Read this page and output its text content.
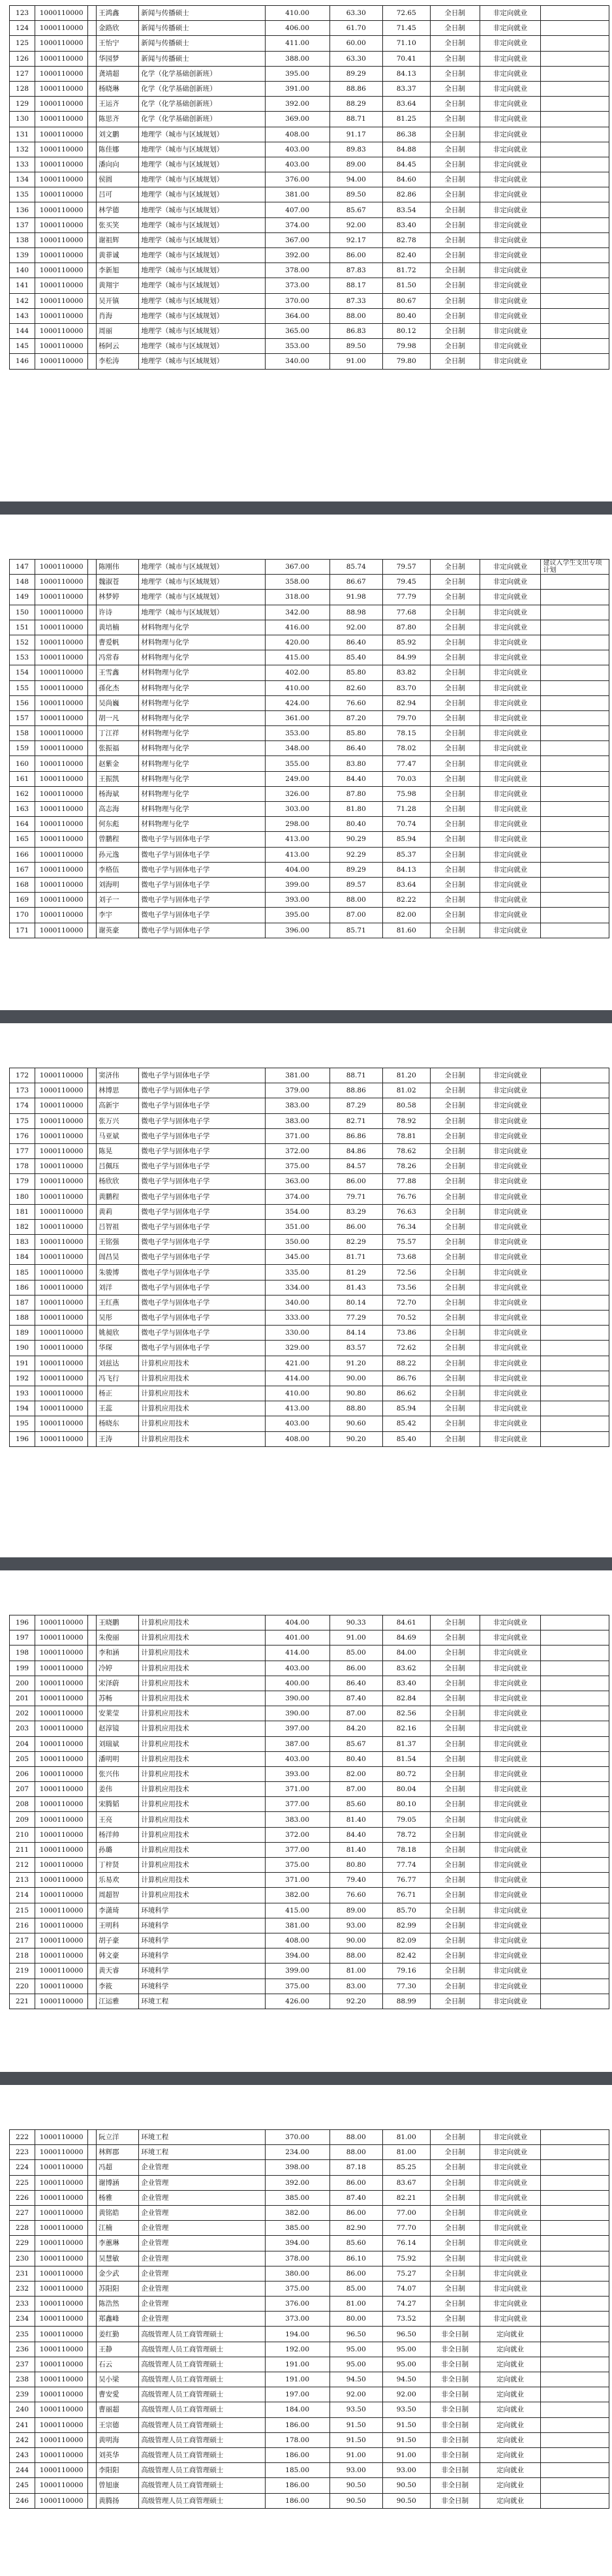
123	1000110000		王鸿鑫	新闻与传播硕士	410.00	63.30	72.65	全日制	非定向就业	
124	1000110000		金路欣	新闻与传播硕士	406.00	61.70	71.45	全日制	非定向就业	
125	1000110000		王怡宁	新闻与传播硕士	411.00	60.00	71.10	全日制	非定向就业	
126	1000110000		华园梦	新闻与传播硕士	388.00	63.30	70.41	全日制	非定向就业	
127	1000110000		龚靖超	化学（化学基础创新班）	395.00	89.29	84.13	全日制	非定向就业	
128	1000110000		杨晓琳	化学（化学基础创新班）	391.00	88.86	83.37	全日制	非定向就业	
129	1000110000		王运齐	化学（化学基础创新班）	392.00	88.29	83.64	全日制	非定向就业	
130	1000110000		陈思齐	化学（化学基础创新班）	369.00	88.71	81.25	全日制	非定向就业	
131	1000110000		刘文鹏	地理学（城市与区域规划）	408.00	91.17	86.38	全日制	非定向就业	
132	1000110000		陈佳娜	地理学（城市与区域规划）	403.00	89.83	84.88	全日制	非定向就业	
133	1000110000		潘向向	地理学（城市与区域规划）	403.00	89.00	84.45	全日制	非定向就业	
134	1000110000		侯圆	地理学（城市与区域规划）	376.00	94.00	84.60	全日制	非定向就业	
135	1000110000		吕可	地理学（城市与区域规划）	381.00	89.50	82.86	全日制	非定向就业	
136	1000110000		林学德	地理学（城市与区域规划）	407.00	85.67	83.54	全日制	非定向就业	
137	1000110000		张买笑	地理学（城市与区域规划）	374.00	92.00	83.40	全日制	非定向就业	
138	1000110000		谢祖辉	地理学（城市与区域规划）	367.00	92.17	82.78	全日制	非定向就业	
139	1000110000		黄菲诚	地理学（城市与区域规划）	392.00	86.00	82.40	全日制	非定向就业	
140	1000110000		李新旭	地理学（城市与区域规划）	378.00	87.83	81.72	全日制	非定向就业	
141	1000110000		黄翔宇	地理学（城市与区域规划）	373.00	88.17	81.50	全日制	非定向就业	
142	1000110000		吴开镇	地理学（城市与区域规划）	370.00	87.33	80.67	全日制	非定向就业	
143	1000110000		肖海	地理学（城市与区域规划）	364.00	88.00	80.40	全日制	非定向就业	
144	1000110000		周丽	地理学（城市与区域规划）	365.00	86.83	80.12	全日制	非定向就业	
145	1000110000		杨阿云	地理学（城市与区域规划）	353.00	89.50	79.98	全日制	非定向就业	
146	1000110000		李松涛	地理学（城市与区域规划）	340.00	91.00	79.80	全日制	非定向就业	
147	1000110000		陈刚伟	地理学（城市与区域规划）	367.00	85.74	79.57	全日制	非定向就业	建议入学生支出专项计划
148	1000110000		魏淑苍	地理学（城市与区域规划）	358.00	86.67	79.45	全日制	非定向就业	
149	1000110000		林梦婷	地理学（城市与区域规划）	318.00	91.98	77.79	全日制	非定向就业	
150	1000110000		许诗	地理学（城市与区域规划）	342.00	88.98	77.68	全日制	非定向就业	
151	1000110000		黄培楠	材料物理与化学	416.00	92.00	87.80	全日制	非定向就业	
152	1000110000		曹爱帆	材料物理与化学	420.00	86.40	85.92	全日制	非定向就业	
153	1000110000		冯常春	材料物理与化学	415.00	85.40	84.99	全日制	非定向就业	
154	1000110000		王雪鑫	材料物理与化学	402.00	85.80	83.82	全日制	非定向就业	
155	1000110000		孫化杰	材料物理与化学	410.00	82.60	83.70	全日制	非定向就业	
156	1000110000		吴尚巍	材料物理与化学	424.00	76.60	82.94	全日制	非定向就业	
157	1000110000		胡一凡	材料物理与化学	361.00	87.20	79.70	全日制	非定向就业	
158	1000110000		丁江祥	材料物理与化学	353.00	85.80	78.15	全日制	非定向就业	
159	1000110000		张振福	材料物理与化学	348.00	86.40	78.02	全日制	非定向就业	
160	1000110000		赵紫金	材料物理与化学	355.00	83.80	77.47	全日制	非定向就业	
161	1000110000		王振凯	材料物理与化学	249.00	84.40	70.03	全日制	非定向就业	
162	1000110000		杨海斌	材料物理与化学	326.00	87.80	75.98	全日制	非定向就业	
163	1000110000		高志海	材料物理与化学	303.00	81.80	71.28	全日制	非定向就业	
164	1000110000		何东彪	材料物理与化学	298.00	80.40	70.74	全日制	非定向就业	
165	1000110000		曾鹏程	微电子学与固体电子学	413.00	90.29	85.94	全日制	非定向就业	
166	1000110000		孙元逸	微电子学与固体电子学	413.00	92.29	85.37	全日制	非定向就业	
167	1000110000		李格伍	微电子学与固体电子学	404.00	89.29	84.13	全日制	非定向就业	
168	1000110000		刘海明	微电子学与固体电子学	399.00	89.57	83.64	全日制	非定向就业	
169	1000110000		刘子一	微电子学与固体电子学	393.00	88.00	82.22	全日制	非定向就业	
170	1000110000		李宇	微电子学与固体电子学	395.00	87.00	82.00	全日制	非定向就业	
171	1000110000		谢英豪	微电子学与固体电子学	396.00	85.71	81.60	全日制	非定向就业	
172	1000110000		窦济伟	微电子学与固体电子学	381.00	88.71	81.20	全日制	非定向就业	
173	1000110000		林博思	微电子学与固体电子学	379.00	88.86	81.02	全日制	非定向就业	
174	1000110000		高新宇	微电子学与固体电子学	383.00	87.29	80.58	全日制	非定向就业	
175	1000110000		张万兴	微电子学与固体电子学	383.00	82.71	78.92	全日制	非定向就业	
176	1000110000		马亚斌	微电子学与固体电子学	371.00	86.86	78.81	全日制	非定向就业	
177	1000110000		陈晃	微电子学与固体电子学	372.00	84.86	78.62	全日制	非定向就业	
178	1000110000		吕佩珏	微电子学与固体电子学	375.00	84.57	78.26	全日制	非定向就业	
179	1000110000		杨欣欣	微电子学与固体电子学	363.00	86.00	77.88	全日制	非定向就业	
180	1000110000		黄鹏程	微电子学与固体电子学	374.00	79.71	76.76	全日制	非定向就业	
181	1000110000		黄莉	微电子学与固体电子学	354.00	83.29	76.63	全日制	非定向就业	
182	1000110000		吕智祖	微电子学与固体电子学	351.00	86.00	76.34	全日制	非定向就业	
183	1000110000		王铭强	微电子学与固体电子学	350.00	82.29	75.57	全日制	非定向就业	
184	1000110000		訚昌昊	微电子学与固体电子学	345.00	81.71	73.68	全日制	非定向就业	
185	1000110000		朱骏博	微电子学与固体电子学	335.00	81.29	72.56	全日制	非定向就业	
186	1000110000		刘洋	微电子学与固体电子学	334.00	81.43	73.56	全日制	非定向就业	
187	1000110000		王红燕	微电子学与固体电子学	340.00	80.14	72.70	全日制	非定向就业	
188	1000110000		吴彤	微电子学与固体电子学	333.00	77.29	70.52	全日制	非定向就业	
189	1000110000		姚昶欣	微电子学与固体电子学	330.00	84.14	73.86	全日制	非定向就业	
190	1000110000		华琛	微电子学与固体电子学	329.00	83.57	72.62	全日制	非定向就业	
191	1000110000		刘兹达	计算机应用技术	421.00	91.20	88.22	全日制	非定向就业	
192	1000110000		冯飞行	计算机应用技术	414.00	90.00	86.76	全日制	非定向就业	
193	1000110000		杨正	计算机应用技术	410.00	90.80	86.62	全日制	非定向就业	
194	1000110000		王蕊	计算机应用技术	413.00	88.80	85.94	全日制	非定向就业	
195	1000110000		杨晓东	计算机应用技术	403.00	90.60	85.42	全日制	非定向就业	
196	1000110000		王涛	计算机应用技术	408.00	90.20	85.40	全日制	非定向就业	
196	1000110000		王晓鹏	计算机应用技术	404.00	90.33	84.61	全日制	非定向就业	
197	1000110000		朱俊丽	计算机应用技术	401.00	91.00	84.69	全日制	非定向就业	
198	1000110000		李和涵	计算机应用技术	414.00	85.00	84.00	全日制	非定向就业	
199	1000110000		冷婷	计算机应用技术	403.00	86.00	83.62	全日制	非定向就业	
200	1000110000		宋泽蔚	计算机应用技术	400.00	86.40	83.40	全日制	非定向就业	
201	1000110000		苏畅	计算机应用技术	390.00	87.40	82.84	全日制	非定向就业	
202	1000110000		安莱莹	计算机应用技术	390.00	87.00	82.56	全日制	非定向就业	
203	1000110000		赵淳镜	计算机应用技术	397.00	84.20	82.16	全日制	非定向就业	
204	1000110000		刘瑞斌	计算机应用技术	387.00	85.67	81.37	全日制	非定向就业	
205	1000110000		潘明明	计算机应用技术	403.00	80.40	81.54	全日制	非定向就业	
206	1000110000		张兴伟	计算机应用技术	393.00	82.00	80.72	全日制	非定向就业	
207	1000110000		姜伟	计算机应用技术	371.00	87.00	80.04	全日制	非定向就业	
208	1000110000		宋腾韬	计算机应用技术	377.00	85.60	80.10	全日制	非定向就业	
209	1000110000		王亮	计算机应用技术	383.00	81.40	79.05	全日制	非定向就业	
210	1000110000		杨洋帅	计算机应用技术	372.00	84.40	78.72	全日制	非定向就业	
211	1000110000		孙璐	计算机应用技术	377.00	81.40	78.18	全日制	非定向就业	
212	1000110000		丁梓贤	计算机应用技术	375.00	80.80	77.74	全日制	非定向就业	
213	1000110000		乐易欢	计算机应用技术	371.00	79.40	76.77	全日制	非定向就业	
214	1000110000		周超智	计算机应用技术	382.00	76.60	76.71	全日制	非定向就业	
215	1000110000		李潇琦	环境科学	415.00	89.00	85.70	全日制	非定向就业	
216	1000110000		王明科	环境科学	381.00	93.00	82.99	全日制	非定向就业	
217	1000110000		胡子豪	环境科学	408.00	90.00	82.09	全日制	非定向就业	
218	1000110000		韩文豪	环境科学	394.00	88.00	82.42	全日制	非定向就业	
219	1000110000		黄天睿	环境科学	399.00	81.00	79.16	全日制	非定向就业	
220	1000110000		李筱	环境科学	375.00	83.00	77.30	全日制	非定向就业	
221	1000110000		江运雅	环境工程	426.00	92.20	88.99	全日制	非定向就业	
222	1000110000		阮立洋	环境工程	370.00	88.00	81.00	全日制	非定向就业	
223	1000110000		林辉郡	环境工程	234.00	88.00	81.00	全日制	非定向就业	
224	1000110000		冯超	企业管理	398.00	87.18	85.25	全日制	非定向就业	
225	1000110000		谢博涵	企业管理	392.00	86.00	83.67	全日制	非定向就业	
226	1000110000		杨雅	企业管理	385.00	87.40	82.21	全日制	非定向就业	
227	1000110000		黄铭皓	企业管理	382.00	86.00	77.00	全日制	非定向就业	
228	1000110000		江楠	企业管理	385.00	82.90	77.70	全日制	非定向就业	
229	1000110000		李蕙琳	企业管理	394.00	85.60	76.14	全日制	非定向就业	
230	1000110000		吴慧敏	企业管理	378.00	86.10	75.92	全日制	非定向就业	
231	1000110000		金少武	企业管理	380.00	86.00	75.27	全日制	非定向就业	
232	1000110000		苏阳阳	企业管理	375.00	85.00	74.07	全日制	非定向就业	
233	1000110000		陈浩然	企业管理	376.00	81.00	74.27	全日制	非定向就业	
234	1000110000		郑鑫峰	企业管理	373.00	80.00	73.52	全日制	非定向就业	
235	1000110000		姜红勤	高级管理人员工商管理硕士	194.00	96.50	96.50	非全日制	定向就业	
236	1000110000		王静	高级管理人员工商管理硕士	192.00	95.00	95.00	非全日制	定向就业	
237	1000110000		石云	高级管理人员工商管理硕士	191.00	95.00	95.00	非全日制	定向就业	
238	1000110000		吴小梁	高级管理人员工商管理硕士	191.00	94.50	94.50	非全日制	定向就业	
239	1000110000		曹安愛	高级管理人员工商管理硕士	197.00	92.00	92.00	非全日制	定向就业	
240	1000110000		曹丽超	高级管理人员工商管理硕士	184.00	93.50	93.50	非全日制	定向就业	
241	1000110000		王宗德	高级管理人员工商管理硕士	186.00	91.50	91.50	非全日制	定向就业	
242	1000110000		黄明海	高级管理人员工商管理硕士	178.00	91.50	91.50	非全日制	定向就业	
243	1000110000		刘英华	高级管理人员工商管理硕士	186.00	91.00	91.00	非全日制	定向就业	
244	1000110000		李阳阳	高级管理人员工商管理硕士	185.00	93.00	93.00	非全日制	定向就业	
245	1000110000		曾旭康	高级管理人员工商管理硕士	186.00	90.50	90.50	非全日制	定向就业	
246	1000110000		黄腾扬	高级管理人员工商管理硕士	186.00	90.50	90.50	非全日制	定向就业	
